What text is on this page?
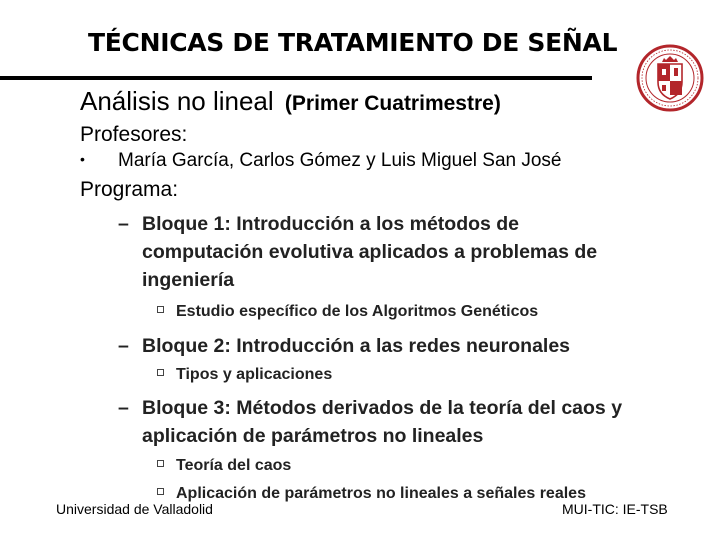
TÉCNICAS DE TRATAMIENTO DE SEÑAL
Análisis no lineal (Primer Cuatrimestre)
Profesores:
• María García, Carlos Gómez y Luis Miguel San José
Programa:
– Bloque 1: Introducción a los métodos de
computación evolutiva aplicados a problemas de
ingeniería
Estudio específico de los Algoritmos Genéticos
– Bloque 2: Introducción a las redes neuronales
Tipos y aplicaciones
– Bloque 3: Métodos derivados de la teoría del caos y
aplicación de parámetros no lineales
Teoría del caos
Aplicación de parámetros no lineales a señales reales
Universidad de Valladolid	MUI-TIC: IE-TSB
